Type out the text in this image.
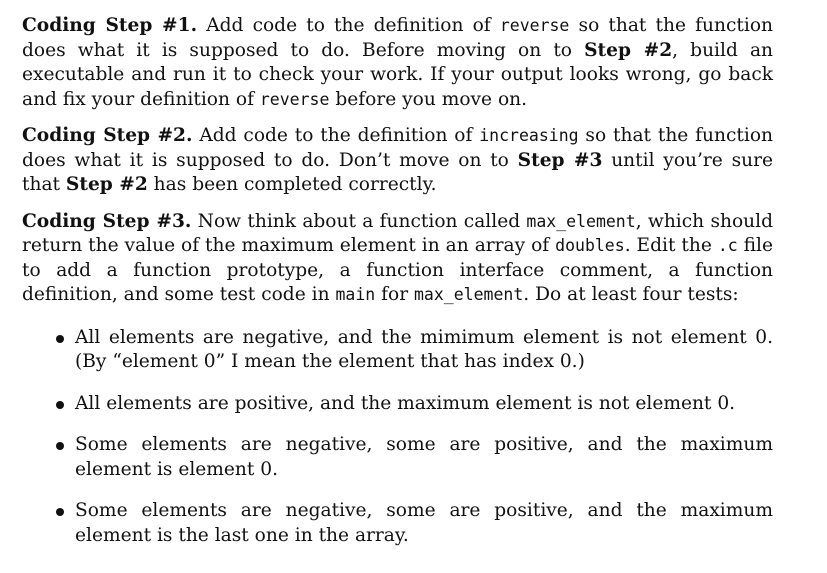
Coding Step #1. Add code to the definition of reverse so that the function does what it is supposed to do. Before moving on to Step #2, build an executable and run it to check your work. If your output looks wrong, go back and fix your definition of reverse before you move on.

Coding Step #2. Add code to the definition of increasing so that the function does what it is supposed to do. Don’t move on to Step #3 until you’re sure that Step #2 has been completed correctly.

Coding Step #3. Now think about a function called max_element, which should return the value of the maximum element in an array of doubles. Edit the .c file to add a function prototype, a function interface comment, a function definition, and some test code in main for max_element. Do at least four tests:

All elements are negative, and the mimimum element is not element 0. (By “element 0” I mean the element that has index 0.)
All elements are positive, and the maximum element is not element 0.
Some elements are negative, some are positive, and the maximum element is element 0.
Some elements are negative, some are positive, and the maximum element is the last one in the array.
